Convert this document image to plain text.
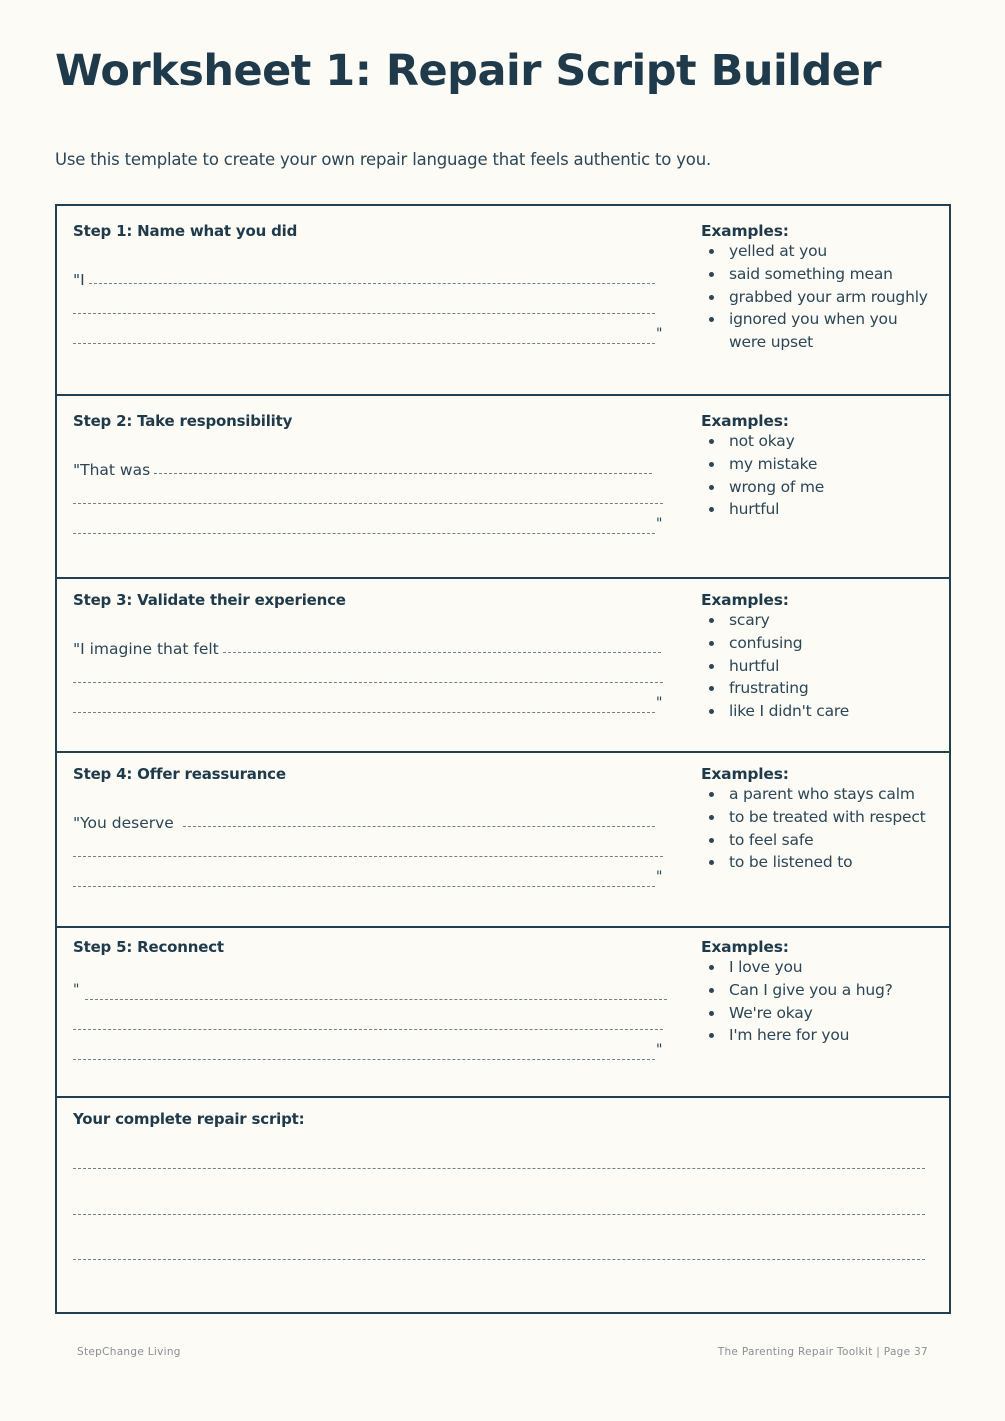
Worksheet 1: Repair Script Builder
Use this template to create your own repair language that feels authentic to you.
Step 1: Name what you did
"I
"
Examples:
yelled at you
said something mean
grabbed your arm roughly
ignored you when you were upset
Step 2: Take responsibility
"That was
"
Examples:
not okay
my mistake
wrong of me
hurtful
Step 3: Validate their experience
"I imagine that felt
"
Examples:
scary
confusing
hurtful
frustrating
like I didn't care
Step 4: Offer reassurance
"You deserve
"
Examples:
a parent who stays calm
to be treated with respect
to feel safe
to be listened to
Step 5: Reconnect
"
"
Examples:
I love you
Can I give you a hug?
We're okay
I'm here for you
Your complete repair script:
StepChange Living	The Parenting Repair Toolkit | Page 37
